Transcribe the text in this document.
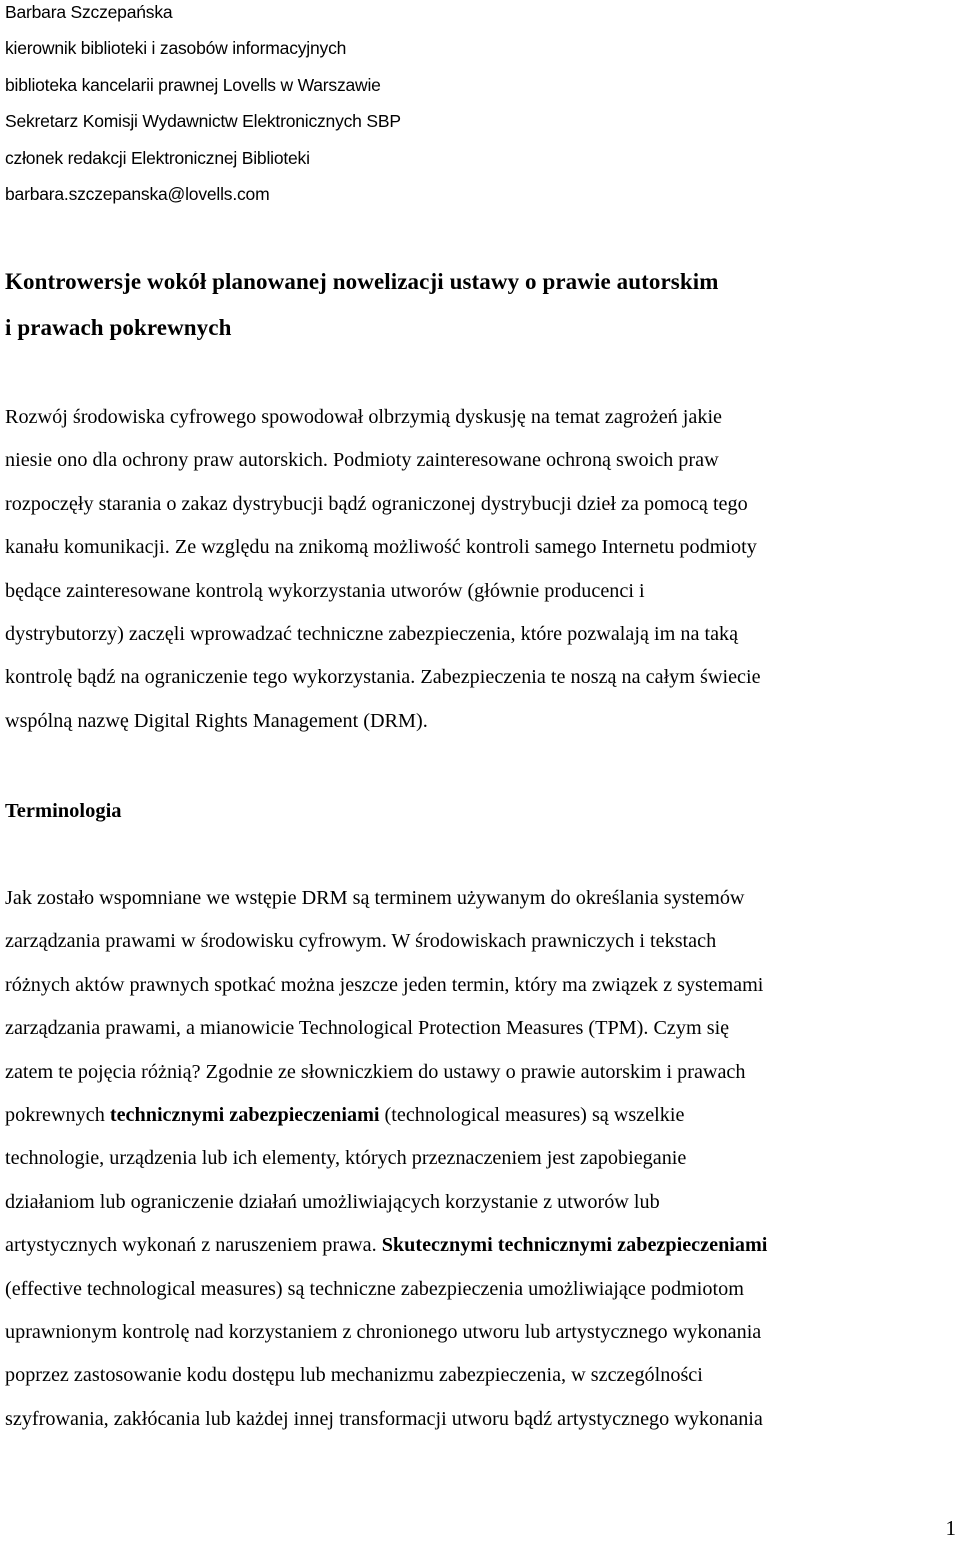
Barbara Szczepańska
kierownik biblioteki i zasobów informacyjnych
biblioteka kancelarii prawnej Lovells w Warszawie
Sekretarz Komisji Wydawnictw Elektronicznych SBP
członek redakcji Elektronicznej Biblioteki
barbara.szczepanska@lovells.com
Kontrowersje wokół planowanej nowelizacji ustawy o prawie autorskim
i prawach pokrewnych

Rozwój środowiska cyfrowego spowodował olbrzymią dyskusję na temat zagrożeń jakie
niesie ono dla ochrony praw autorskich. Podmioty zainteresowane ochroną swoich praw
rozpoczęły starania o zakaz dystrybucji bądź ograniczonej dystrybucji dzieł za pomocą tego
kanału komunikacji. Ze względu na znikomą możliwość kontroli samego Internetu podmioty
będące zainteresowane kontrolą wykorzystania utworów (głównie producenci i
dystrybutorzy) zaczęli wprowadzać techniczne zabezpieczenia, które pozwalają im na taką
kontrolę bądź na ograniczenie tego wykorzystania. Zabezpieczenia te noszą na całym świecie
wspólną nazwę Digital Rights Management (DRM).

Terminologia

Jak zostało wspomniane we wstępie DRM są terminem używanym do określania systemów
zarządzania prawami w środowisku cyfrowym. W środowiskach prawniczych i tekstach
różnych aktów prawnych spotkać można jeszcze jeden termin, który ma związek z systemami
zarządzania prawami, a mianowicie Technological Protection Measures (TPM). Czym się
zatem te pojęcia różnią? Zgodnie ze słowniczkiem do ustawy o prawie autorskim i prawach
pokrewnych technicznymi zabezpieczeniami (technological measures) są wszelkie
technologie, urządzenia lub ich elementy, których przeznaczeniem jest zapobieganie
działaniom lub ograniczenie działań umożliwiających korzystanie z utworów lub
artystycznych wykonań z naruszeniem prawa. Skutecznymi technicznymi zabezpieczeniami
(effective technological measures) są techniczne zabezpieczenia umożliwiające podmiotom
uprawnionym kontrolę nad korzystaniem z chronionego utworu lub artystycznego wykonania
poprzez zastosowanie kodu dostępu lub mechanizmu zabezpieczenia, w szczególności
szyfrowania, zakłócania lub każdej innej transformacji utworu bądź artystycznego wykonania

1
